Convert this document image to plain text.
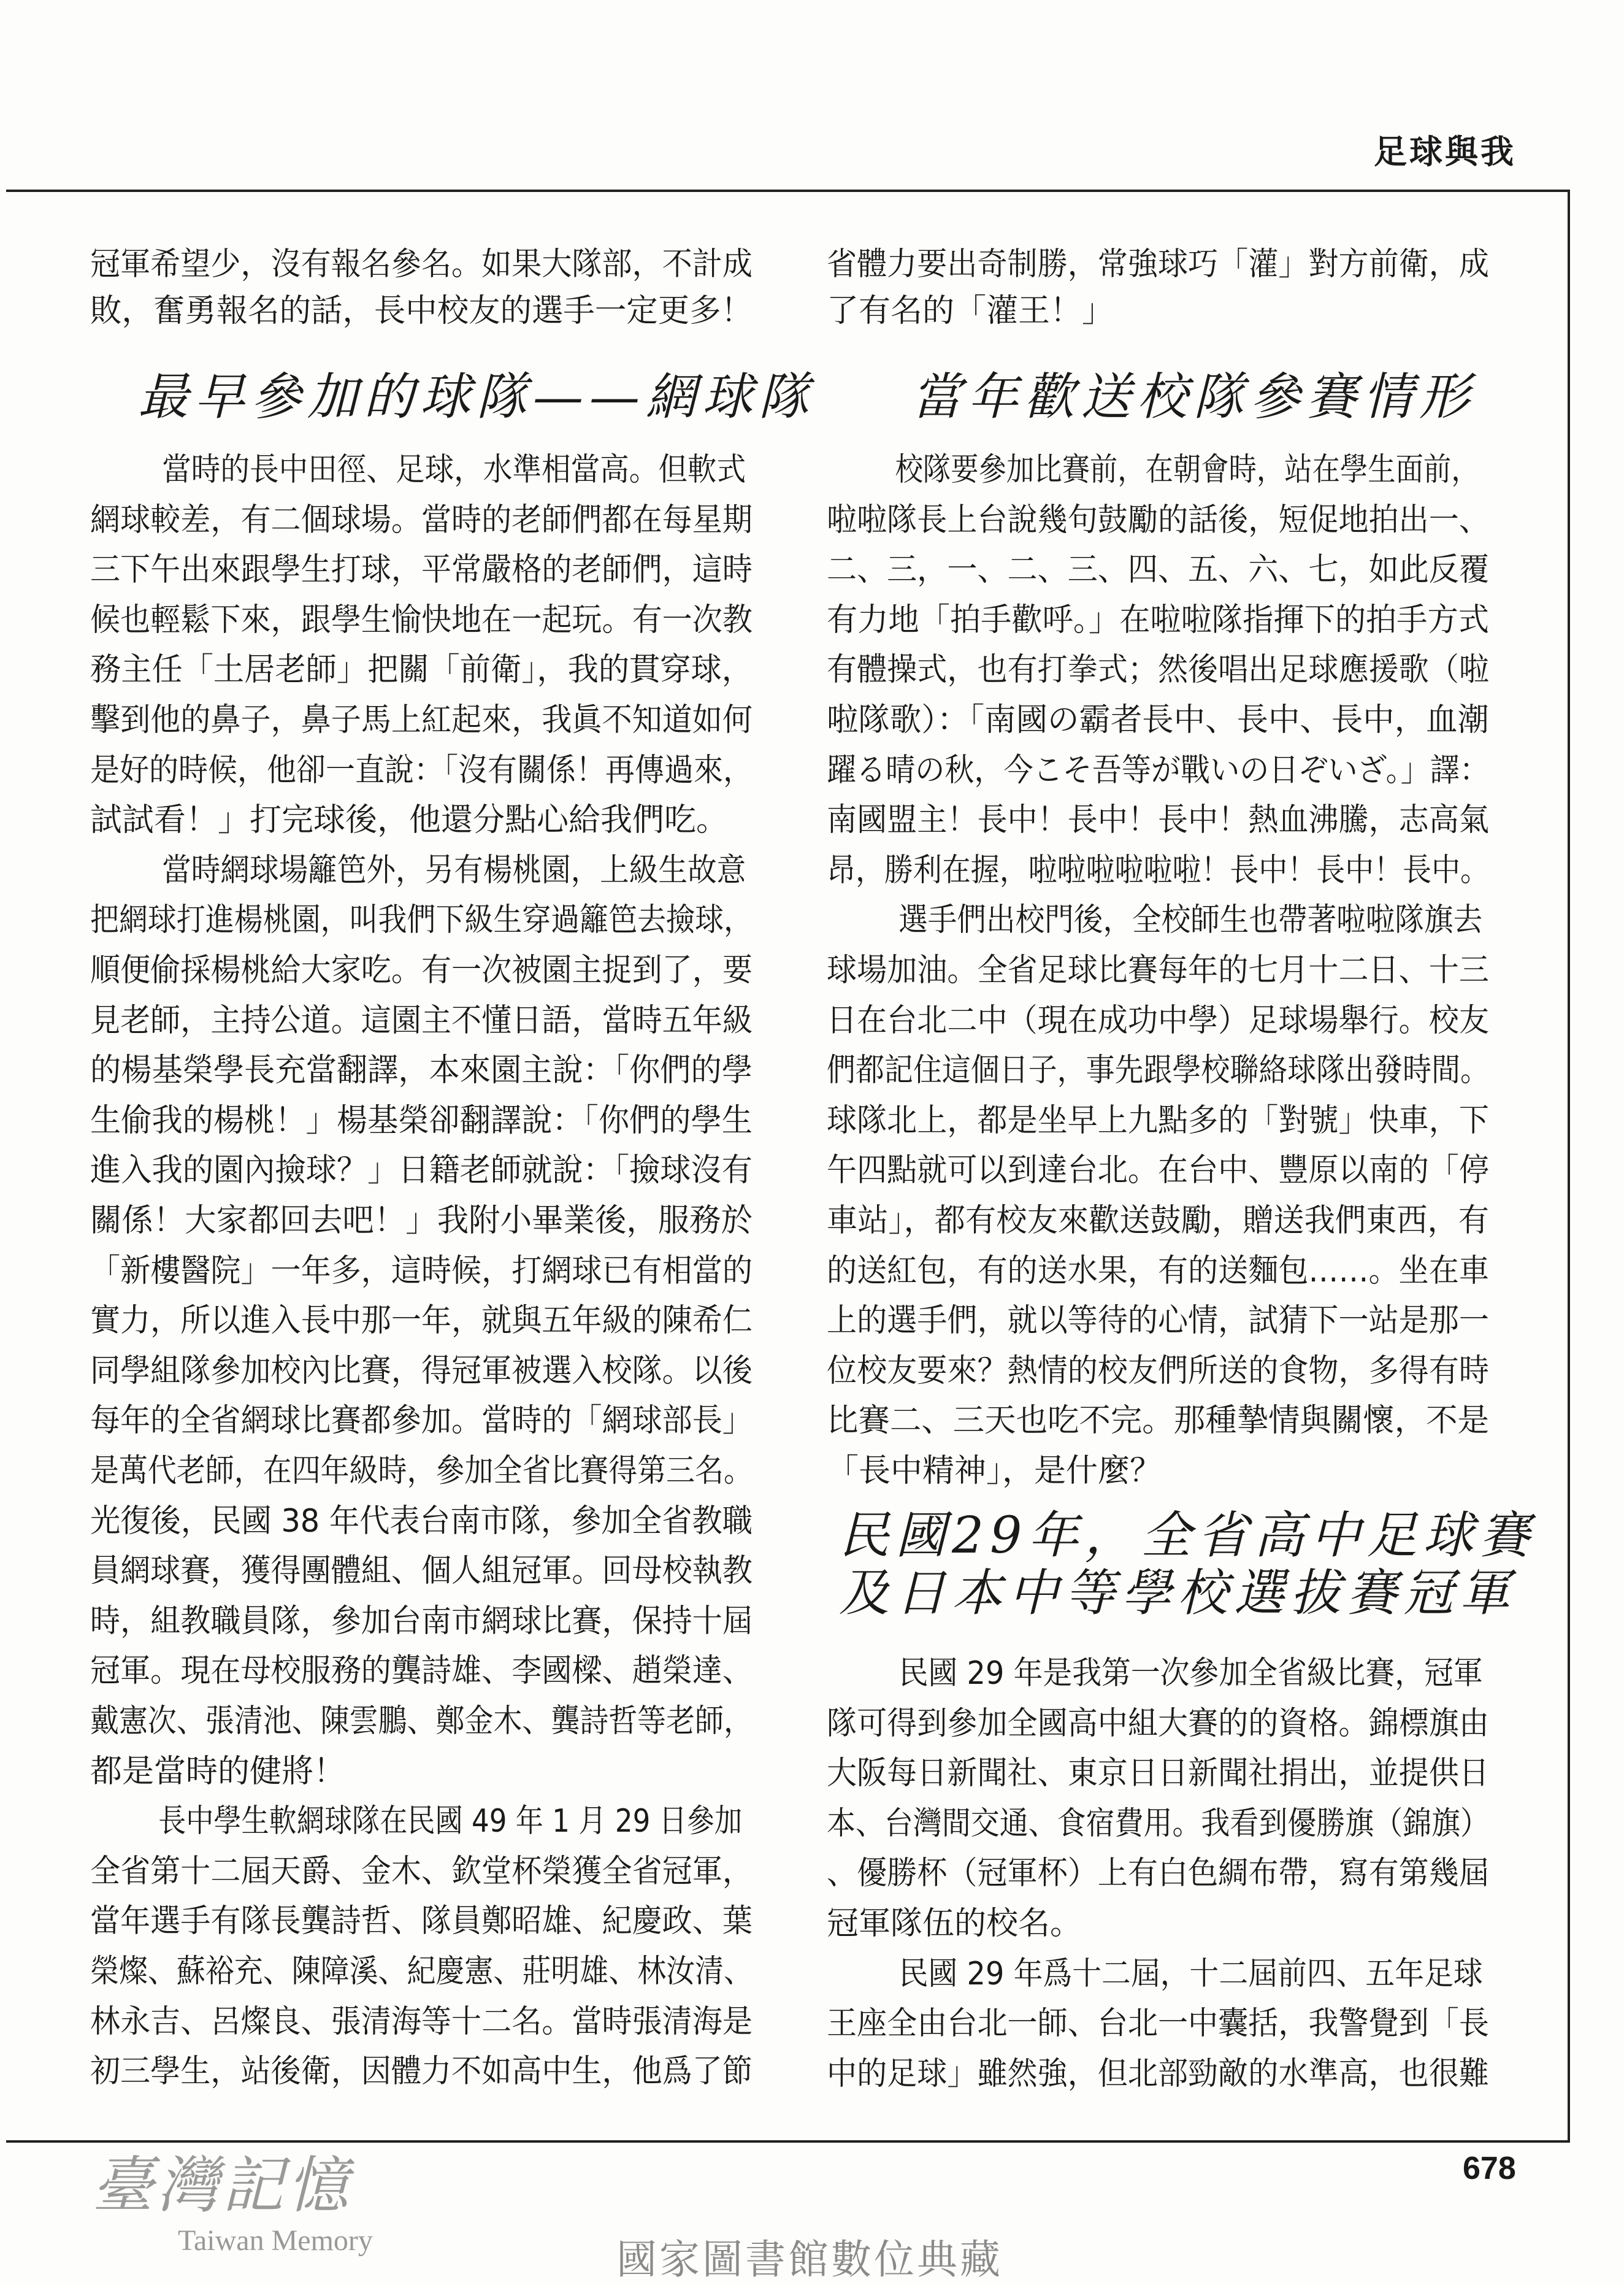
足球與我
最早參加的球隊——網球隊
冠軍希望少，沒有報名參名。如果大隊部，不計成
敗，奮勇報名的話，長中校友的選手一定更多！
當時的長中田徑、足球，水準相當高。但軟式
網球較差，有二個球場。當時的老師們都在每星期
三下午出來跟學生打球，平常嚴格的老師們，這時
候也輕鬆下來，跟學生愉快地在一起玩。有一次教
務主任「土居老師」把關「前衛」，我的貫穿球，
擊到他的鼻子，鼻子馬上紅起來，我眞不知道如何
是好的時候，他卻一直說：「沒有關係！再傳過來，
試試看！」打完球後，他還分點心給我們吃。
當時網球場籬笆外，另有楊桃園，上級生故意
把網球打進楊桃園，叫我們下級生穿過籬笆去撿球，
順便偷採楊桃給大家吃。有一次被園主捉到了，要
見老師，主持公道。這園主不懂日語，當時五年級
的楊基榮學長充當翻譯，本來園主說：「你們的學
生偷我的楊桃！」楊基榮卻翻譯說：「你們的學生
進入我的園內撿球？」日籍老師就說：「撿球沒有
關係！大家都回去吧！」我附小畢業後，服務於
「新樓醫院」一年多，這時候，打網球已有相當的
實力，所以進入長中那一年，就與五年級的陳希仁
同學組隊參加校內比賽，得冠軍被選入校隊。以後
每年的全省網球比賽都參加。當時的「網球部長」
是萬代老師，在四年級時，參加全省比賽得第三名。
光復後，民國 38 年代表台南市隊，參加全省教職
員網球賽，獲得團體組、個人組冠軍。回母校執教
時，組教職員隊，參加台南市網球比賽，保持十屆
冠軍。現在母校服務的龔詩雄、李國樑、趙榮達、
戴憲次、張清池、陳雲鵬、鄭金木、龔詩哲等老師，
都是當時的健將！
長中學生軟網球隊在民國 49 年 1 月 29 日參加
全省第十二屆天爵、金木、欽堂杯榮獲全省冠軍，
當年選手有隊長龔詩哲、隊員鄭昭雄、紀慶政、葉
榮燦、蘇裕充、陳障溪、紀慶憲、莊明雄、林汝清、
林永吉、呂燦良、張清海等十二名。當時張清海是
初三學生，站後衛，因體力不如高中生，他爲了節
當年歡送校隊參賽情形
民國29年，全省高中足球賽
及日本中等學校選拔賽冠軍
省體力要出奇制勝，常強球巧「灌」對方前衛，成
了有名的「灌王！」
校隊要參加比賽前，在朝會時，站在學生面前，
啦啦隊長上台說幾句鼓勵的話後，短促地拍出一、
二、三，一、二、三、四、五、六、七，如此反覆
有力地「拍手歡呼。」在啦啦隊指揮下的拍手方式
有體操式，也有打拳式；然後唱出足球應援歌（啦
啦隊歌）：「南國の霸者長中、長中、長中，血潮
躍る晴の秋，今こそ吾等が戰いの日ぞいざ。」譯：
南國盟主！長中！長中！長中！熱血沸騰，志高氣
昂，勝利在握，啦啦啦啦啦啦！長中！長中！長中。
選手們出校門後，全校師生也帶著啦啦隊旗去
球場加油。全省足球比賽每年的七月十二日、十三
日在台北二中（現在成功中學）足球場舉行。校友
們都記住這個日子，事先跟學校聯絡球隊出發時間。
球隊北上，都是坐早上九點多的「對號」快車，下
午四點就可以到達台北。在台中、豐原以南的「停
車站」，都有校友來歡送鼓勵，贈送我們東西，有
的送紅包，有的送水果，有的送麵包……。坐在車
上的選手們，就以等待的心情，試猜下一站是那一
位校友要來？熱情的校友們所送的食物，多得有時
比賽二、三天也吃不完。那種摯情與關懷，不是
「長中精神」，是什麼？
民國 29 年是我第一次參加全省級比賽，冠軍
隊可得到參加全國高中組大賽的的資格。錦標旗由
大阪每日新聞社、東京日日新聞社捐出，並提供日
本、台灣間交通、食宿費用。我看到優勝旗（錦旗）
、優勝杯（冠軍杯）上有白色綢布帶，寫有第幾屆
冠軍隊伍的校名。
民國 29 年爲十二屆，十二屆前四、五年足球
王座全由台北一師、台北一中囊括，我警覺到「長
中的足球」雖然強，但北部勁敵的水準高，也很難
臺灣記憶
Taiwan Memory
678
國家圖書館數位典藏
